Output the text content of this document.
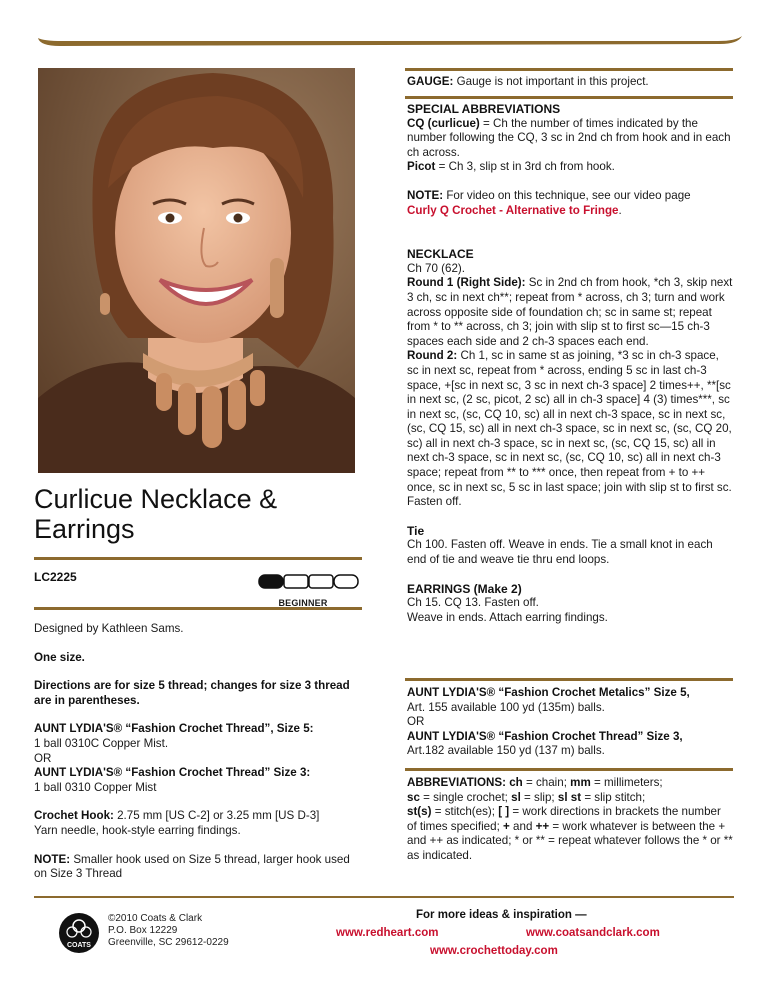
Curlicue Necklace & Earrings
LC2225
BEGINNER

Designed by Kathleen Sams.

One size.

Directions are for size 5 thread; changes for size 3 thread are in parentheses.

AUNT LYDIA'S® “Fashion Crochet Thread”, Size 5:

1 ball 0310C Copper Mist.

OR

AUNT LYDIA'S® “Fashion Crochet Thread” Size 3:

1 ball 0310 Copper Mist

Crochet Hook: 2.75 mm [US C-2] or 3.25 mm [US D-3]
Yarn needle, hook-style earring findings.

NOTE: Smaller hook used on Size 5 thread, larger hook used on Size 3 Thread

GAUGE: Gauge is not important in this project.
SPECIAL ABBREVIATIONS

CQ (curlicue) = Ch the number of times indicated by the number following the CQ, 3 sc in 2nd ch from hook and in each ch across.

Picot = Ch 3, slip st in 3rd ch from hook.

NOTE: For video on this technique, see our video page
Curly Q Crochet - Alternative to Fringe.

NECKLACE

Ch 70 (62).

Round 1 (Right Side): Sc in 2nd ch from hook, *ch 3, skip next 3 ch, sc in next ch**; repeat from * across, ch 3; turn and work across opposite side of foundation ch; sc in same st; repeat from * to ** across, ch 3; join with slip st to first sc—15 ch-3 spaces each side and 2 ch-3 spaces each end.

Round 2: Ch 1, sc in same st as joining, *3 sc in ch-3 space, sc in next sc, repeat from * across, ending 5 sc in last ch-3 space, +[sc in next sc, 3 sc in next ch-3 space] 2 times++, **[sc in next sc, (2 sc, picot, 2 sc) all in ch-3 space] 4 (3) times***, sc in next sc, (sc, CQ 10, sc) all in next ch-3 space, sc in next sc, (sc, CQ 15, sc) all in next ch-3 space, sc in next sc, (sc, CQ 20, sc) all in next ch-3 space, sc in next sc, (sc, CQ 15, sc) all in next ch-3 space, sc in next sc, (sc, CQ 10, sc) all in next ch-3 space; repeat from ** to *** once, then repeat from + to ++ once, sc in next sc, 5 sc in last space; join with slip st to first sc. Fasten off.

Tie

Ch 100. Fasten off. Weave in ends. Tie a small knot in each end of tie and weave tie thru end loops.

EARRINGS (Make 2)

Ch 15. CQ 13. Fasten off.

Weave in ends. Attach earring findings.

AUNT LYDIA'S® “Fashion Crochet Metalics” Size 5,

Art. 155 available 100 yd (135m) balls.

OR

AUNT LYDIA'S® “Fashion Crochet Thread” Size 3,

Art.182 available 150 yd (137 m) balls.

ABBREVIATIONS: ch = chain; mm = millimeters;
sc = single crochet; sl = slip; sl st = slip stitch;
st(s) = stitch(es); [ ] = work directions in brackets the number of times specified; + and ++ = work whatever is between the + and ++ as indicated; * or ** = repeat whatever follows the * or ** as indicated.

COATS
©2010 Coats & Clark
P.O. Box 12229
Greenville, SC 29612-0229
For more ideas & inspiration —
www.redheart.com	www.coatsandclark.com
www.crochettoday.com
